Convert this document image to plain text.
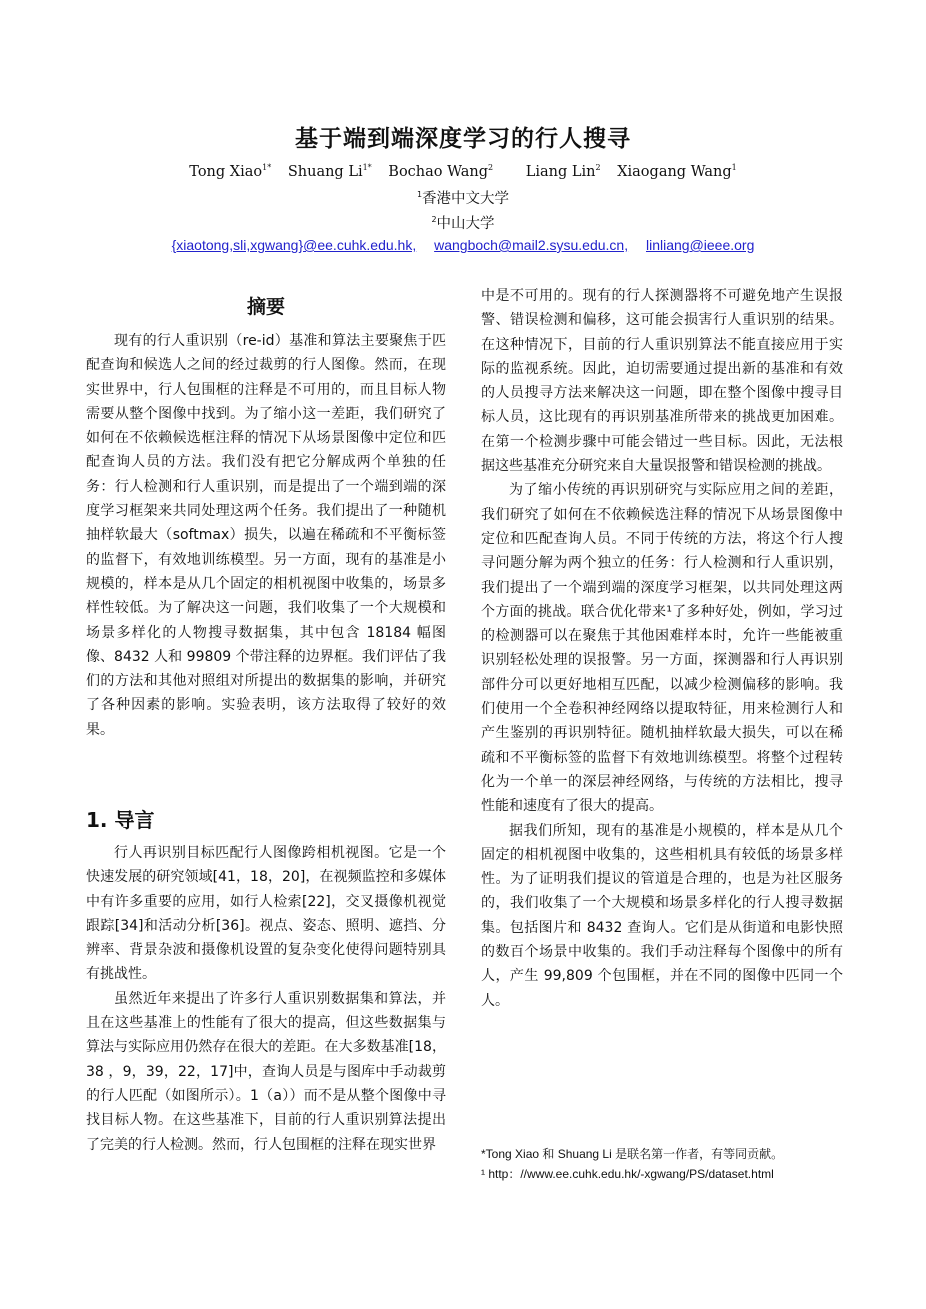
基于端到端深度学习的行人搜寻
Tong Xiao$^{1*}$ Shuang $Li^{1*}$ Bochao Wang$^2$ Liang Lin$^2$ Xiaogang Wang$^1$
$^1$香港中文大学
$^2$中山大学
{xiaotong,sli,xgwang}@ee.cuhk.edu.hk, wangboch@mail2.sysu.edu.cn, linliang@ieee.org
摘要

现有的行人重识别（re-id）基准和算法主要聚焦于匹配查询和候选人之间的经过裁剪的行人图像。然而，在现实世界中，行人包围框的注释是不可用的，而且目标人物需要从整个图像中找到。为了缩小这一差距，我们研究了如何在不依赖候选框注释的情况下从场景图像中定位和匹配查询人员的方法。我们没有把它分解成两个单独的任务：行人检测和行人重识别，而是提出了一个端到端的深度学习框架来共同处理这两个任务。我们提出了一种随机抽样软最大（softmax）损失，以遍在稀疏和不平衡标签的监督下，有效地训练模型。另一方面，现有的基准是小规模的，样本是从几个固定的相机视图中收集的，场景多样性较低。为了解决这一问题，我们收集了一个大规模和场景多样化的人物搜寻数据集，其中包含 18184 幅图像、8432 人和 99809 个带注释的边界框。我们评估了我们的方法和其他对照组对所提出的数据集的影响，并研究了各种因素的影响。实验表明，该方法取得了较好的效果。

1. 导言

行人再识别目标匹配行人图像跨相机视图。它是一个快速发展的研究领域[41，18，20]，在视频监控和多媒体中有许多重要的应用，如行人检索[22]，交叉摄像机视觉跟踪[34]和活动分析[36]。视点、姿态、照明、遮挡、分辨率、背景杂波和摄像机设置的复杂变化使得问题特别具有挑战性。

虽然近年来提出了许多行人重识别数据集和算法，并且在这些基准上的性能有了很大的提高，但这些数据集与算法与实际应用仍然存在很大的差距。在大多数基准[18，38 ，9，39，22，17]中，查询人员是与图库中手动裁剪的行人匹配（如图所示）。1（a））而不是从整个图像中寻找目标人物。在这些基准下，目前的行人重识别算法提出了完美的行人检测。然而，行人包围框的注释在现实世界

中是不可用的。现有的行人探测器将不可避免地产生误报警、错误检测和偏移，这可能会损害行人重识别的结果。在这种情况下，目前的行人重识别算法不能直接应用于实际的监视系统。因此，迫切需要通过提出新的基准和有效的人员搜寻方法来解决这一问题，即在整个图像中搜寻目标人员，这比现有的再识别基准所带来的挑战更加困难。在第一个检测步骤中可能会错过一些目标。因此，无法根据这些基准充分研究来自大量误报警和错误检测的挑战。

为了缩小传统的再识别研究与实际应用之间的差距，我们研究了如何在不依赖候选注释的情况下从场景图像中定位和匹配查询人员。不同于传统的方法，将这个行人搜寻问题分解为两个独立的任务：行人检测和行人重识别，我们提出了一个端到端的深度学习框架，以共同处理这两个方面的挑战。联合优化带来¹了多种好处，例如，学习过的检测器可以在聚焦于其他困难样本时，允许一些能被重识别轻松处理的误报警。另一方面，探测器和行人再识别部件分可以更好地相互匹配，以减少检测偏移的影响。我们使用一个全卷积神经网络以提取特征，用来检测行人和产生鉴别的再识别特征。随机抽样软最大损失，可以在稀疏和不平衡标签的监督下有效地训练模型。将整个过程转化为一个单一的深层神经网络，与传统的方法相比，搜寻性能和速度有了很大的提高。

据我们所知，现有的基准是小规模的，样本是从几个固定的相机视图中收集的，这些相机具有较低的场景多样性。为了证明我们提议的管道是合理的，也是为社区服务的，我们收集了一个大规模和场景多样化的行人搜寻数据集。包括图片和 8432 查询人。它们是从街道和电影快照的数百个场景中收集的。我们手动注释每个图像中的所有人，产生 99,809 个包围框，并在不同的图像中匹同一个人。

*Tong Xiao 和 Shuang Li 是联名第一作者，有等同贡献。
¹ http：//www.ee.cuhk.edu.hk/-xgwang/PS/dataset.html
